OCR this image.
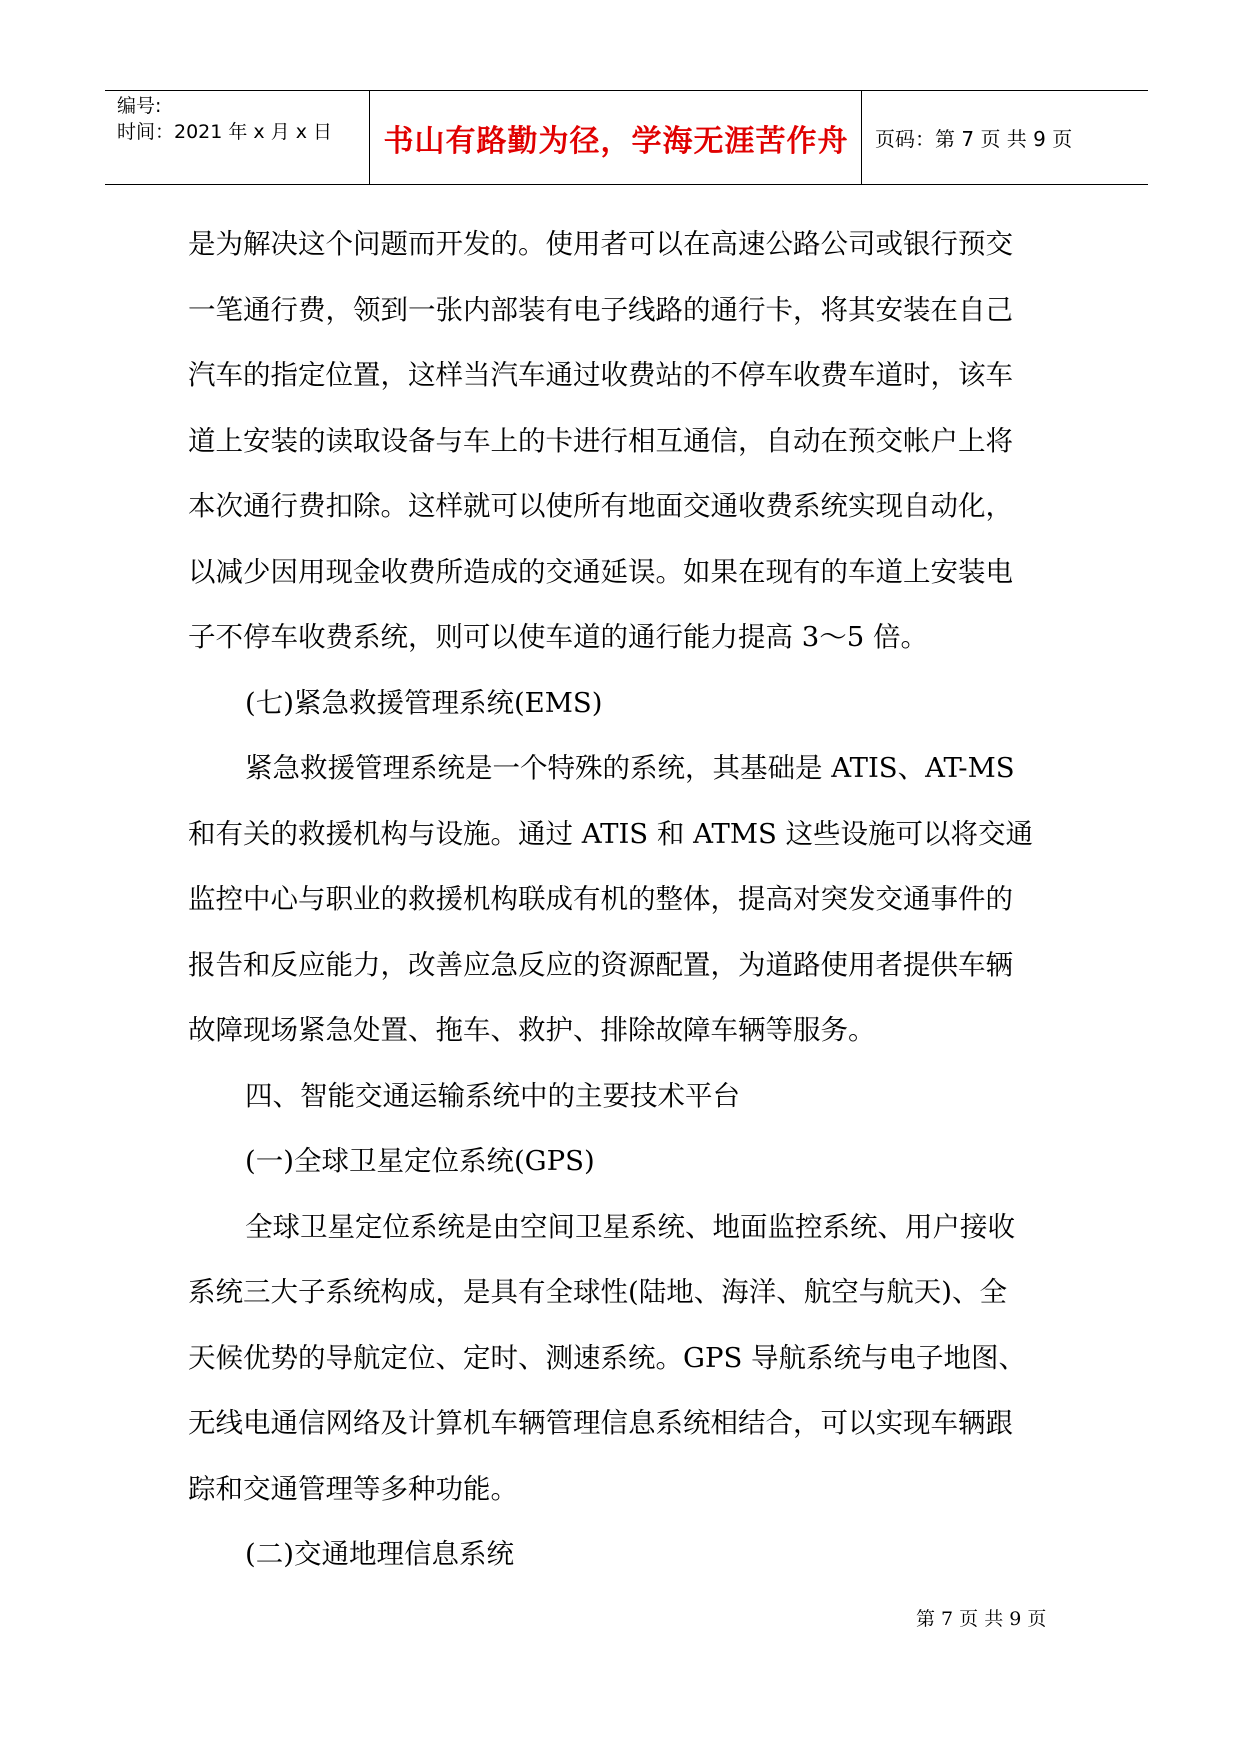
编号:
时间：2021 年 x 月 x 日	书山有路勤为径，学海无涯苦作舟 页码：第 7 页 共 9 页
是为解决这个问题而开发的。使用者可以在高速公路公司或银行预交
一笔通行费，领到一张内部装有电子线路的通行卡，将其安装在自己
汽车的指定位置，这样当汽车通过收费站的不停车收费车道时，该车
道上安装的读取设备与车上的卡进行相互通信，自动在预交帐户上将
本次通行费扣除。这样就可以使所有地面交通收费系统实现自动化，
以减少因用现金收费所造成的交通延误。如果在现有的车道上安装电
子不停车收费系统，则可以使车道的通行能力提高 3～5 倍。
(七)紧急救援管理系统(EMS)
紧急救援管理系统是一个特殊的系统，其基础是 ATIS、AT-MS
和有关的救援机构与设施。通过 ATIS 和 ATMS 这些设施可以将交通
监控中心与职业的救援机构联成有机的整体，提高对突发交通事件的
报告和反应能力，改善应急反应的资源配置，为道路使用者提供车辆
故障现场紧急处置、拖车、救护、排除故障车辆等服务。
四、智能交通运输系统中的主要技术平台
(一)全球卫星定位系统(GPS)
全球卫星定位系统是由空间卫星系统、地面监控系统、用户接收
系统三大子系统构成，是具有全球性(陆地、海洋、航空与航天)、全
天候优势的导航定位、定时、测速系统。GPS 导航系统与电子地图、
无线电通信网络及计算机车辆管理信息系统相结合，可以实现车辆跟
踪和交通管理等多种功能。
(二)交通地理信息系统
第 7 页 共 9 页
